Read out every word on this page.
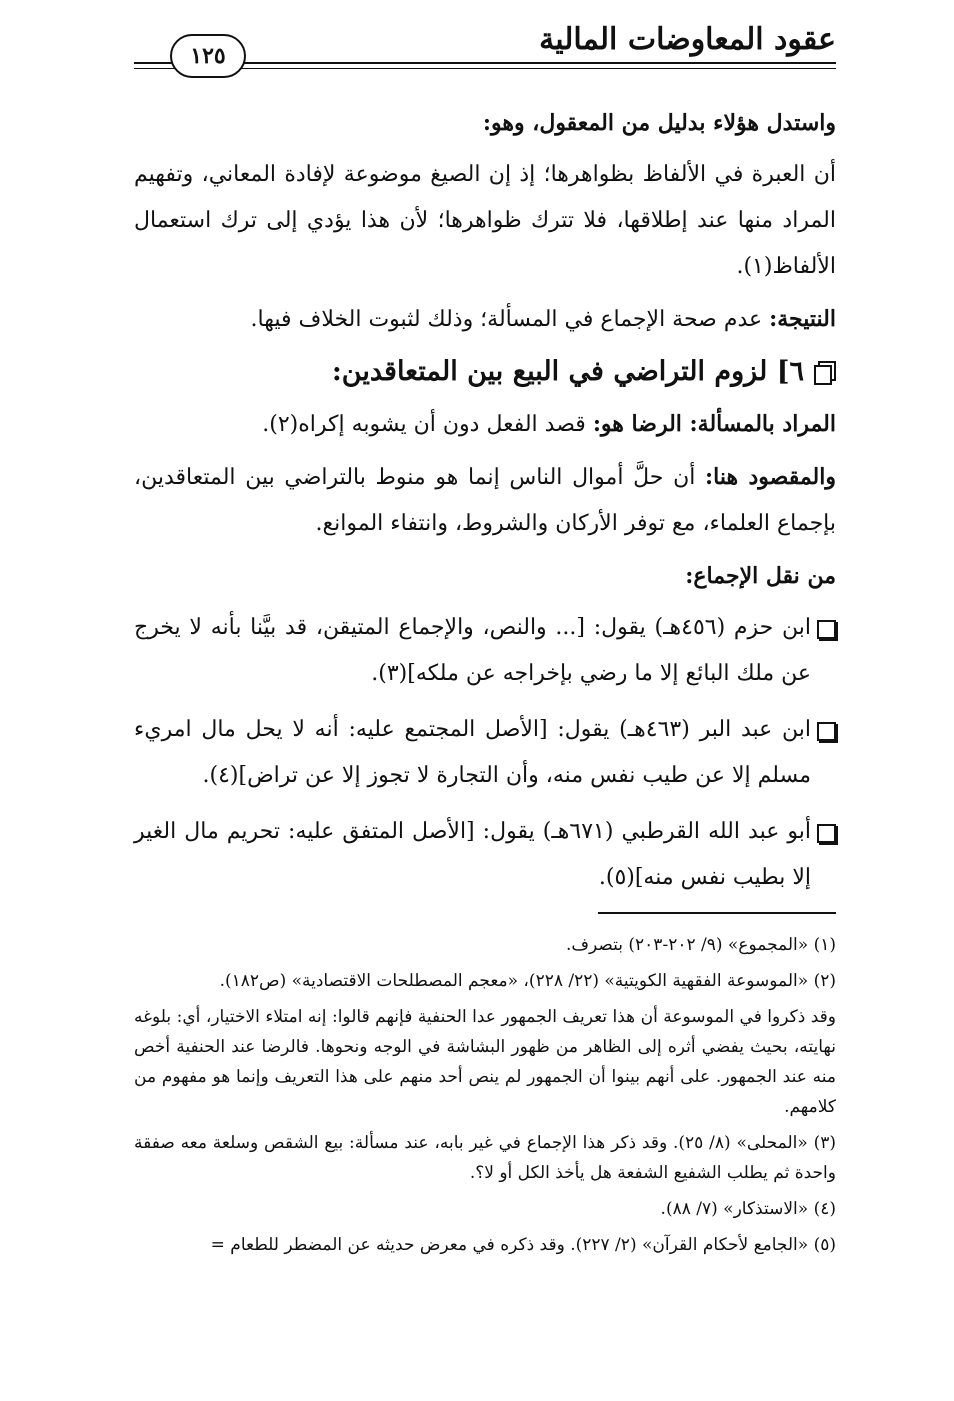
عقود المعاوضات المالية
١٢٥

واستدل هؤلاء بدليل من المعقول، وهو:

أن العبرة في الألفاظ بظواهرها؛ إذ إن الصيغ موضوعة لإفادة المعاني، وتفهيم المراد منها عند إطلاقها، فلا تترك ظواهرها؛ لأن هذا يؤدي إلى ترك استعمال الألفاظ(١).

النتيجة: عدم صحة الإجماع في المسألة؛ وذلك لثبوت الخلاف فيها.

٦] لزوم التراضي في البيع بين المتعاقدين:

المراد بالمسألة: الرضا هو: قصد الفعل دون أن يشوبه إكراه(٢).

والمقصود هنا: أن حلَّ أموال الناس إنما هو منوط بالتراضي بين المتعاقدين، بإجماع العلماء، مع توفر الأركان والشروط، وانتفاء الموانع.

من نقل الإجماع:

ابن حزم (٤٥٦هـ) يقول: [... والنص، والإجماع المتيقن، قد بيَّنا بأنه لا يخرج عن ملك البائع إلا ما رضي بإخراجه عن ملكه](٣).
ابن عبد البر (٤٦٣هـ) يقول: [الأصل المجتمع عليه: أنه لا يحل مال امريء مسلم إلا عن طيب نفس منه، وأن التجارة لا تجوز إلا عن تراض](٤).
أبو عبد الله القرطبي (٦٧١هـ) يقول: [الأصل المتفق عليه: تحريم مال الغير إلا بطيب نفس منه](٥).

(١) «المجموع» (٩/ ٢٠٢-٢٠٣) بتصرف.

(٢) «الموسوعة الفقهية الكويتية» (٢٢/ ٢٢٨)، «معجم المصطلحات الاقتصادية» (ص١٨٢).

وقد ذكروا في الموسوعة أن هذا تعريف الجمهور عدا الحنفية فإنهم قالوا: إنه امتلاء الاختيار، أي: بلوغه نهايته، بحيث يفضي أثره إلى الظاهر من ظهور البشاشة في الوجه ونحوها. فالرضا عند الحنفية أخص منه عند الجمهور. على أنهم بينوا أن الجمهور لم ينص أحد منهم على هذا التعريف وإنما هو مفهوم من كلامهم.

(٣) «المحلى» (٨/ ٢٥). وقد ذكر هذا الإجماع في غير بابه، عند مسألة: بيع الشقص وسلعة معه صفقة واحدة ثم يطلب الشفيع الشفعة هل يأخذ الكل أو لا؟.

(٤) «الاستذكار» (٧/ ٨٨).

(٥) «الجامع لأحكام القرآن» (٢/ ٢٢٧). وقد ذكره في معرض حديثه عن المضطر للطعام =
